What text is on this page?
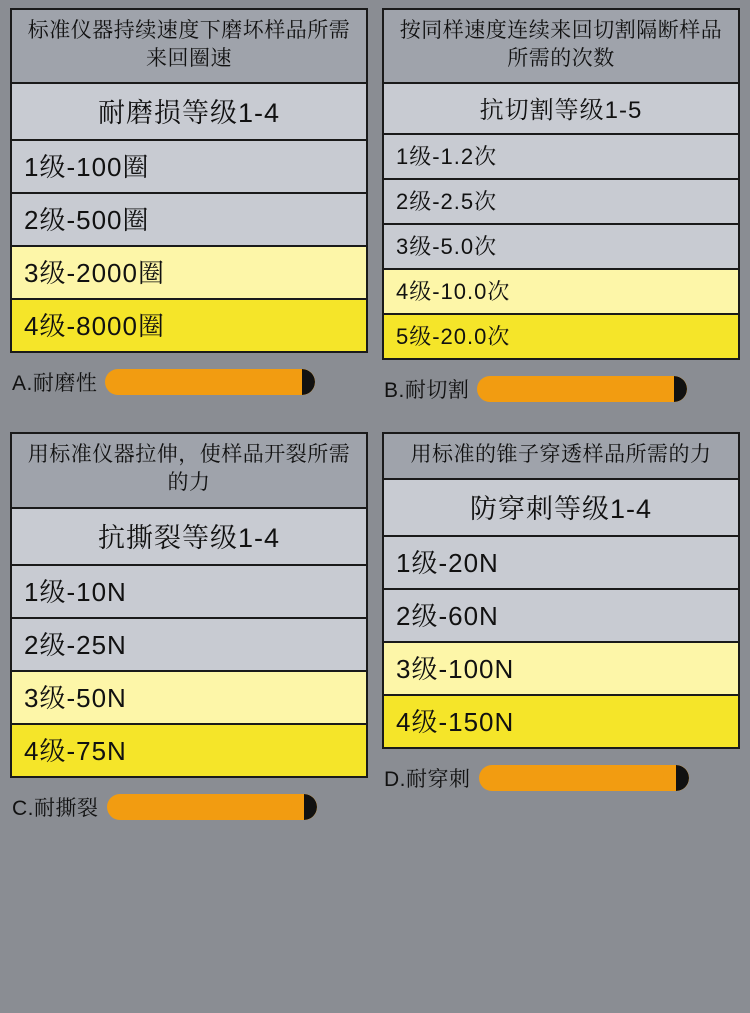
标准仪器持续速度下磨坏样品所需来回圈速
耐磨损等级1-4
1级-100圈
2级-500圈
3级-2000圈
4级-8000圈
A.耐磨性
按同样速度连续来回切割隔断样品所需的次数
抗切割等级1-5
1级-1.2次
2级-2.5次
3级-5.0次
4级-10.0次
5级-20.0次
B.耐切割
用标准仪器拉伸，使样品开裂所需的力
抗撕裂等级1-4
1级-10N
2级-25N
3级-50N
4级-75N
C.耐撕裂
用标准的锥子穿透样品所需的力
防穿刺等级1-4
1级-20N
2级-60N
3级-100N
4级-150N
D.耐穿刺
